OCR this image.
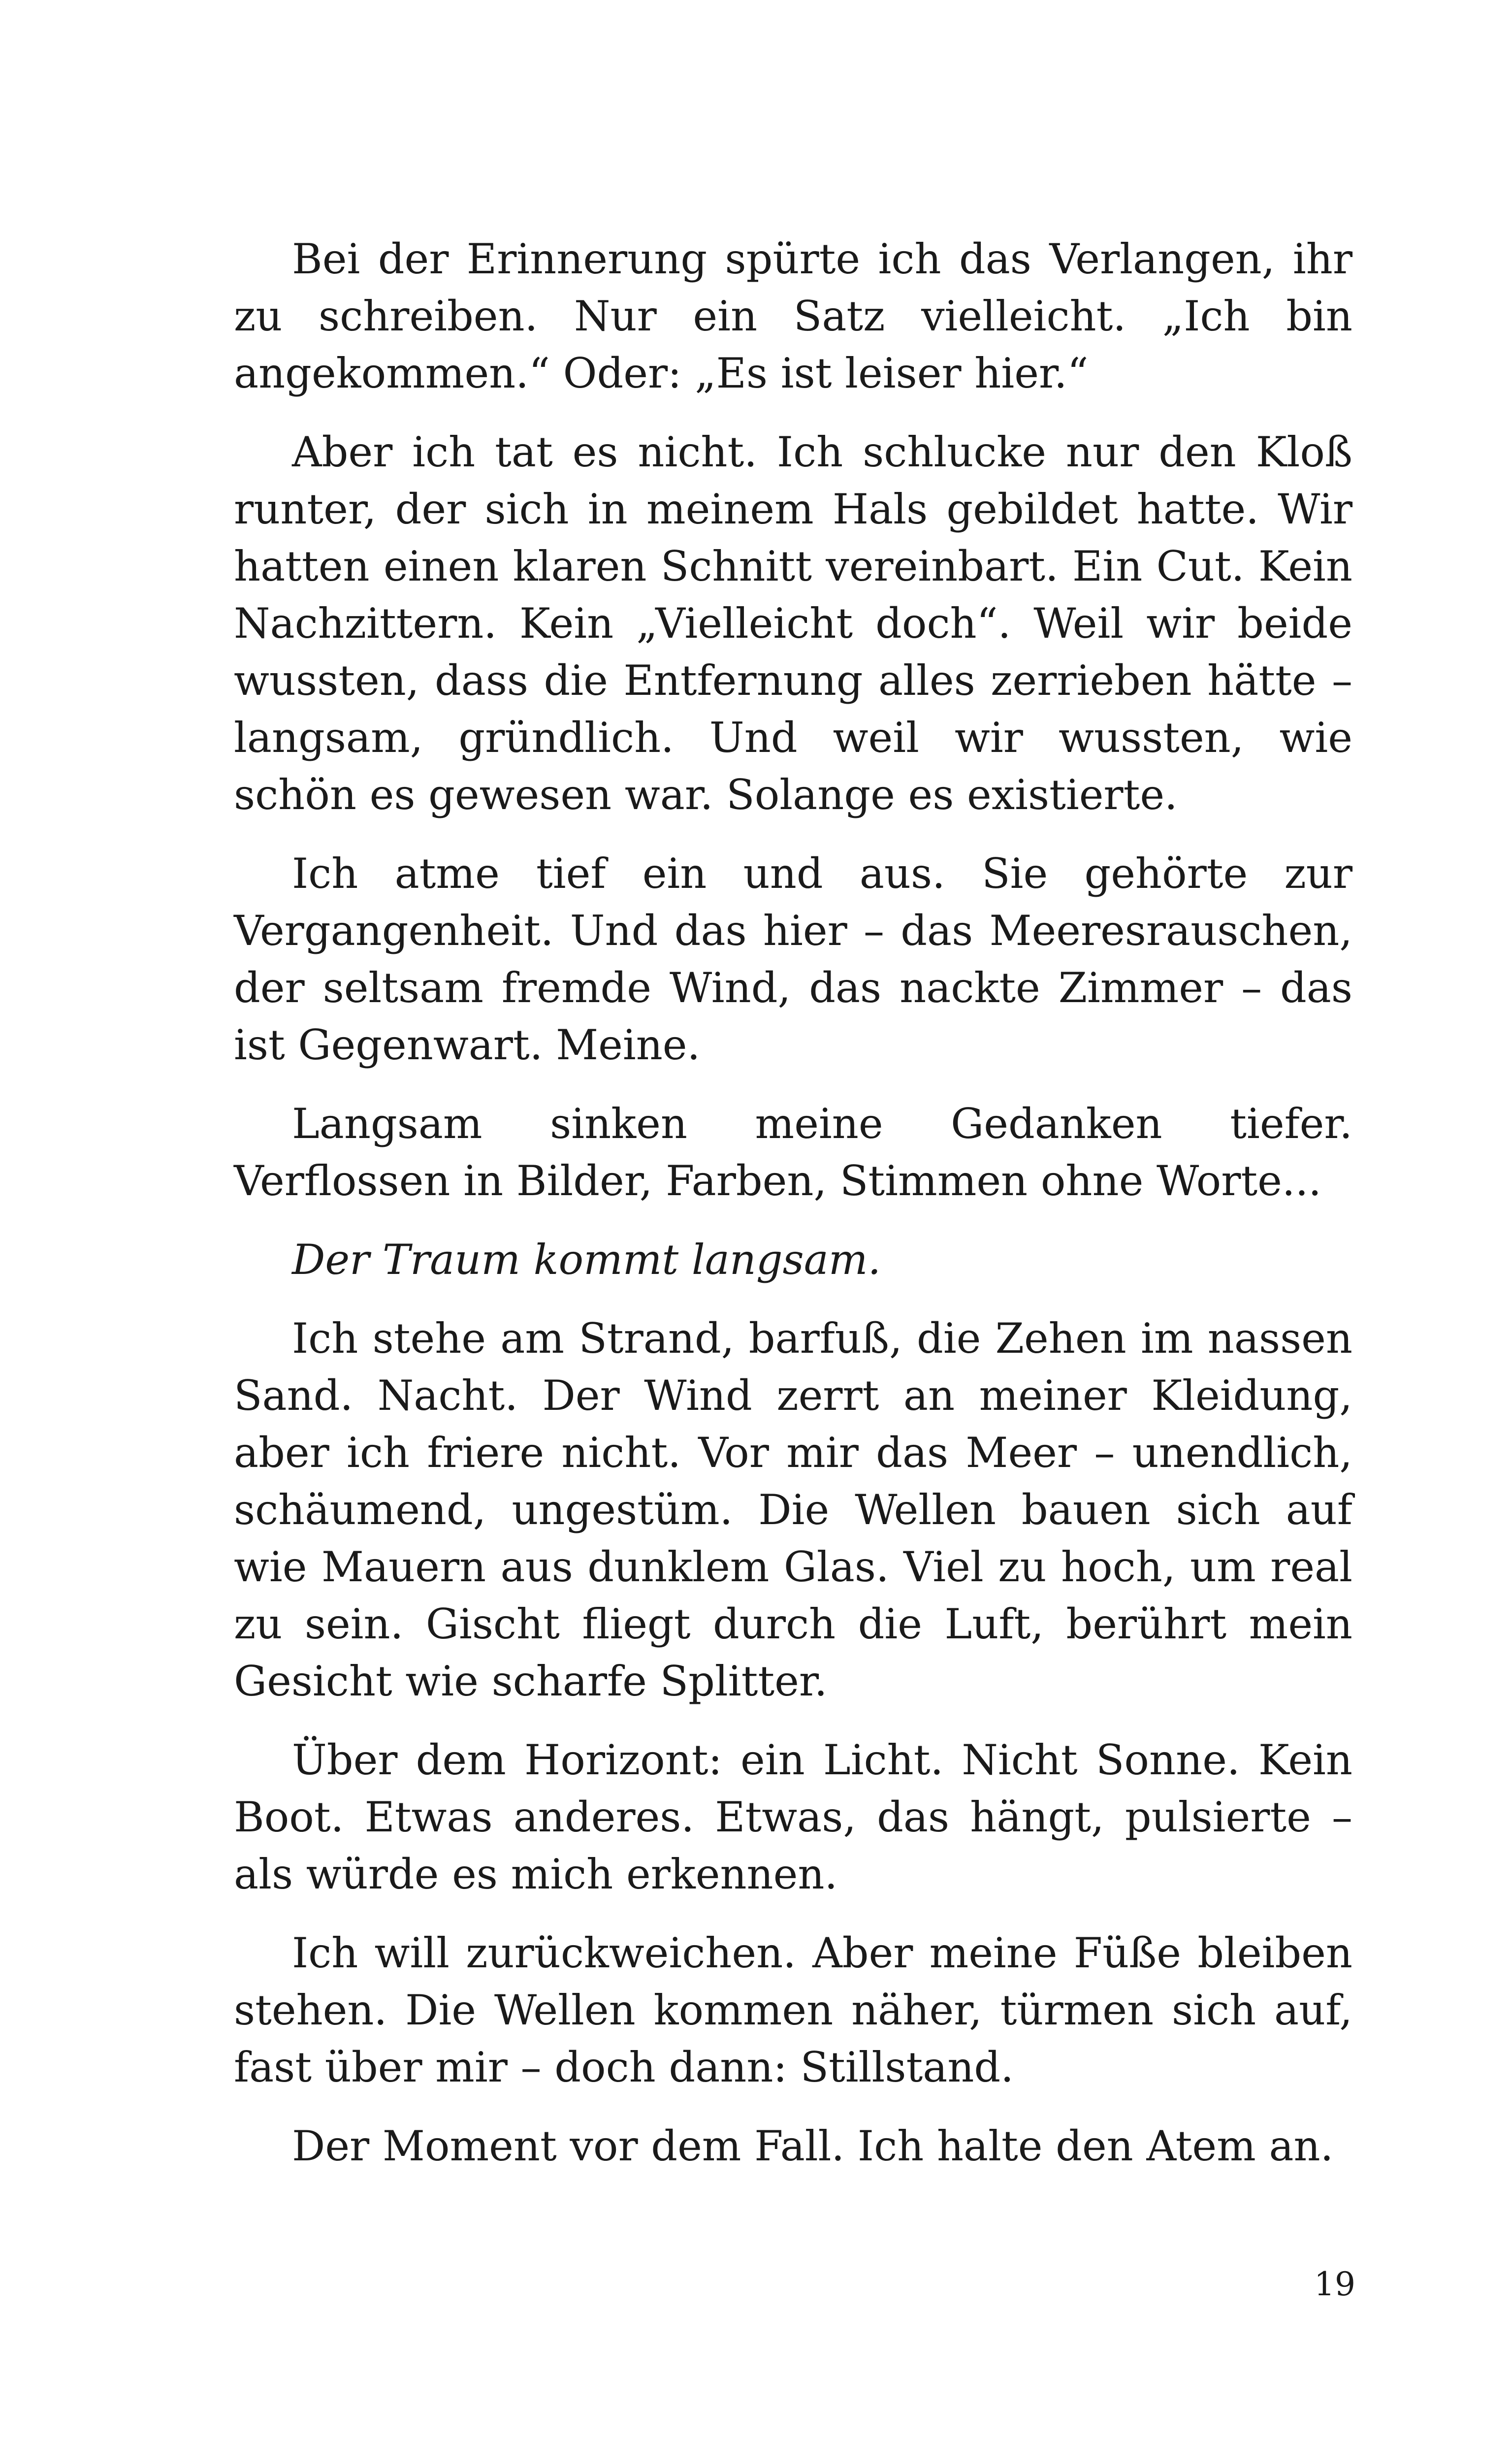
Bei der Erinnerung spürte ich das Verlangen, ihr zu schreiben. Nur ein Satz vielleicht. „Ich bin angekommen.“ Oder: „Es ist leiser hier.“

Aber ich tat es nicht. Ich schlucke nur den Kloß runter, der sich in meinem Hals gebildet hatte. Wir hatten einen klaren Schnitt vereinbart. Ein Cut. Kein Nachzittern. Kein „Vielleicht doch“. Weil wir beide wussten, dass die Entfernung alles zerrieben hätte – langsam, gründlich. Und weil wir wussten, wie schön es gewesen war. Solange es existierte.

Ich atme tief ein und aus. Sie gehörte zur Vergangenheit. Und das hier – das Meeresrauschen, der seltsam fremde Wind, das nackte Zimmer – das ist Gegenwart. Meine.

Langsam sinken meine Gedanken tiefer. Verflossen in Bilder, Farben, Stimmen ohne Worte...

Der Traum kommt langsam.

Ich stehe am Strand, barfuß, die Zehen im nassen Sand. Nacht. Der Wind zerrt an meiner Kleidung, aber ich friere nicht. Vor mir das Meer – unendlich, schäumend, ungestüm. Die Wellen bauen sich auf wie Mauern aus dunklem Glas. Viel zu hoch, um real zu sein. Gischt fliegt durch die Luft, berührt mein Gesicht wie scharfe Splitter.

Über dem Horizont: ein Licht. Nicht Sonne. Kein Boot. Etwas anderes. Etwas, das hängt, pulsierte – als würde es mich erkennen.

Ich will zurückweichen. Aber meine Füße bleiben stehen. Die Wellen kommen näher, türmen sich auf, fast über mir – doch dann: Stillstand.

Der Moment vor dem Fall. Ich halte den Atem an.

19
